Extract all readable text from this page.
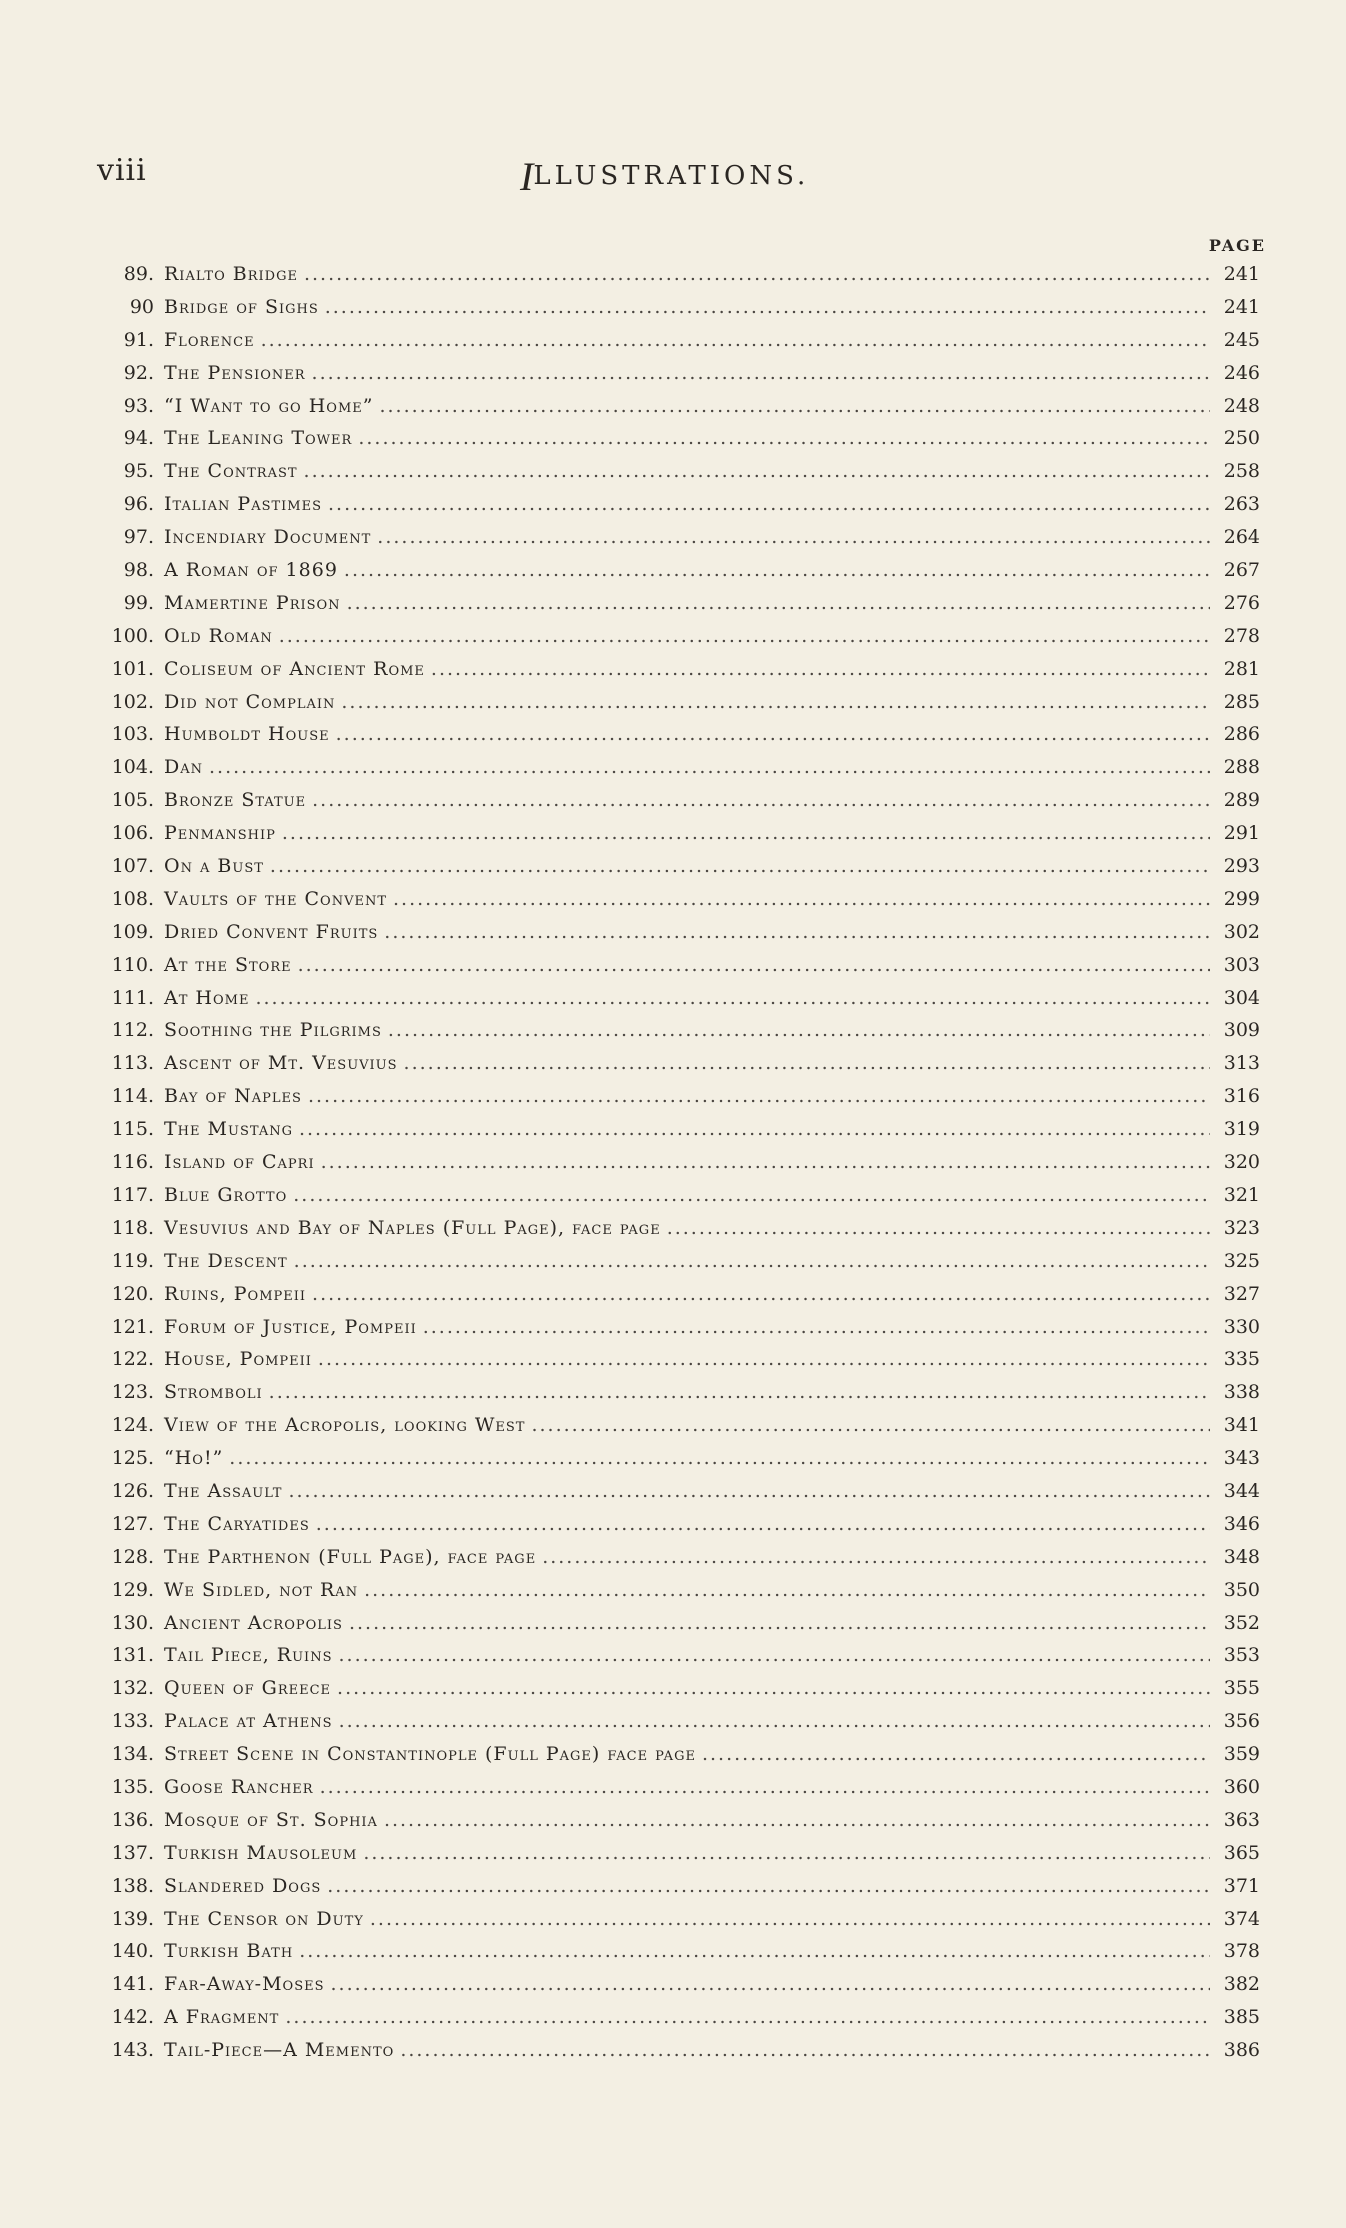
viii	ILLUSTRATIONS.
PAGE
89. Rialto Bridge .....	241
90 Bridge of Sighs .....	241
91. Florence .....	245
92. The Pensioner .....	246
93. “I Want to go Home” .....	248
94. The Leaning Tower .....	250
95. The Contrast .....	258
96. Italian Pastimes .....	263
97. Incendiary Document .....	264
98. A Roman of 1869 .....	267
99. Mamertine Prison .....	276
100. Old Roman .....	278
101. Coliseum of Ancient Rome .....	281
102. Did not Complain .....	285
103. Humboldt House .....	286
104. Dan .....	288
105. Bronze Statue .....	289
106. Penmanship .....	291
107. On a Bust .....	293
108. Vaults of the Convent .....	299
109. Dried Convent Fruits .....	302
110. At the Store .....	303
111. At Home .....	304
112. Soothing the Pilgrims .....	309
113. Ascent of Mt. Vesuvius .....	313
114. Bay of Naples .....	316
115. The Mustang .....	319
116. Island of Capri .....	320
117. Blue Grotto .....	321
118. Vesuvius and Bay of Naples (Full Page), face page .....	323
119. The Descent .....	325
120. Ruins, Pompeii .....	327
121. Forum of Justice, Pompeii .....	330
122. House, Pompeii .....	335
123. Stromboli .....	338
124. View of the Acropolis, looking West .....	341
125. “Ho!” .....	343
126. The Assault .....	344
127. The Caryatides .....	346
128. The Parthenon (Full Page), face page .....	348
129. We Sidled, not Ran .....	350
130. Ancient Acropolis .....	352
131. Tail Piece, Ruins .....	353
132. Queen of Greece .....	355
133. Palace at Athens .....	356
134. Street Scene in Constantinople (Full Page) face page .....	359
135. Goose Rancher .....	360
136. Mosque of St. Sophia .....	363
137. Turkish Mausoleum .....	365
138. Slandered Dogs .....	371
139. The Censor on Duty .....	374
140. Turkish Bath .....	378
141. Far-Away-Moses .....	382
142. A Fragment .....	385
143. Tail-Piece—A Memento .....	386
